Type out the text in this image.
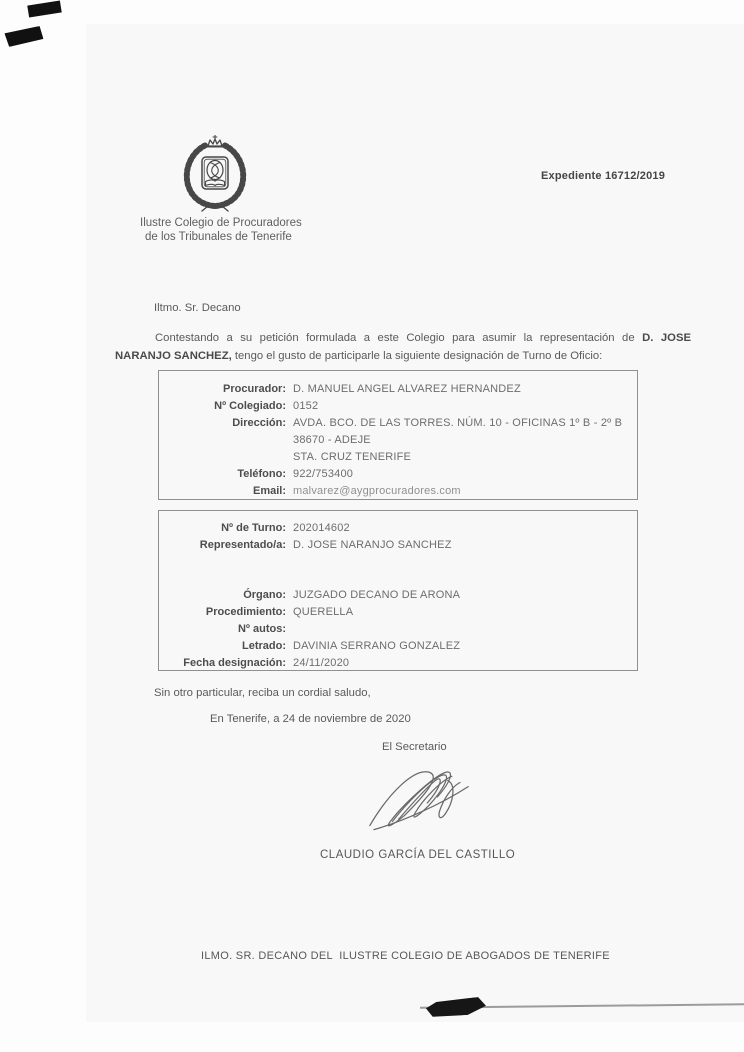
Ilustre Colegio de Procuradores
de los Tribunales de Tenerife
Expediente 16712/2019
Iltmo. Sr. Decano
Contestando a su petición formulada a este Colegio para asumir la representación de D. JOSE
NARANJO SANCHEZ, tengo el gusto de participarle la siguiente designación de Turno de Oficio:
Procurador: D. MANUEL ANGEL ALVAREZ HERNANDEZ
Nº Colegiado: 0152
Dirección: AVDA. BCO. DE LAS TORRES. NÚM. 10 - OFICINAS 1º B - 2º B
38670 - ADEJE
STA. CRUZ TENERIFE
Teléfono: 922/753400
Email: malvarez@aygprocuradores.com
Nº de Turno: 202014602
Representado/a: D. JOSE NARANJO SANCHEZ
Órgano: JUZGADO DECANO DE ARONA
Procedimiento: QUERELLA
Nº autos:
Letrado: DAVINIA SERRANO GONZALEZ
Fecha designación: 24/11/2020
Sin otro particular, reciba un cordial saludo,
En Tenerife, a 24 de noviembre de 2020
El Secretario
CLAUDIO GARCÍA DEL CASTILLO
ILMO. SR. DECANO DEL  ILUSTRE COLEGIO DE ABOGADOS DE TENERIFE
